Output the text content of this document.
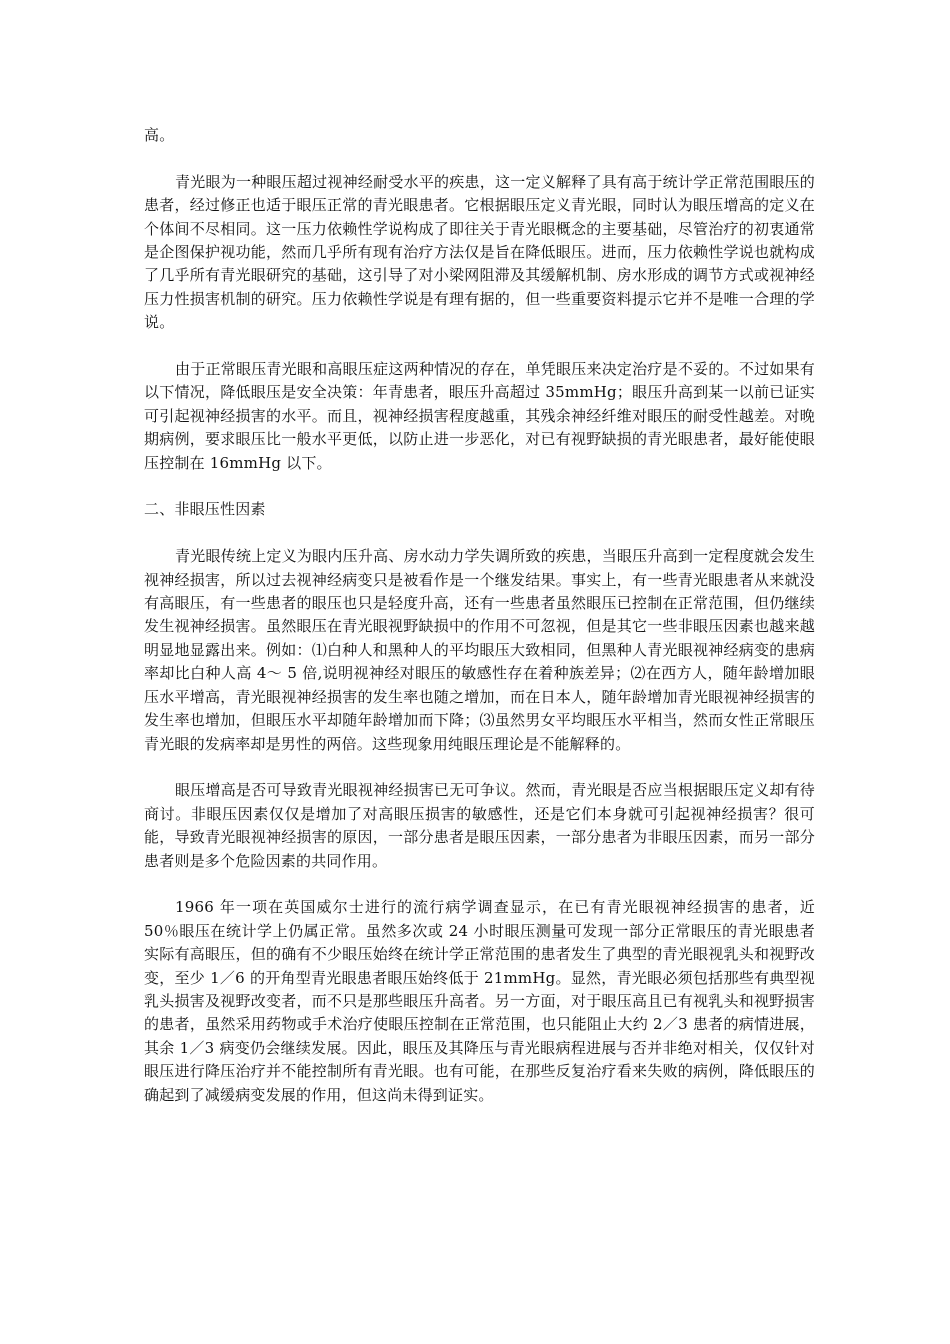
高。

青光眼为一种眼压超过视神经耐受水平的疾患，这一定义解释了具有高于统计学正常范围眼压的患者，经过修正也适于眼压正常的青光眼患者。它根据眼压定义青光眼，同时认为眼压增高的定义在个体间不尽相同。这一压力依赖性学说构成了即往关于青光眼概念的主要基础，尽管治疗的初衷通常是企图保护视功能，然而几乎所有现有治疗方法仅是旨在降低眼压。进而，压力依赖性学说也就构成了几乎所有青光眼研究的基础，这引导了对小梁网阻滞及其缓解机制、房水形成的调节方式或视神经压力性损害机制的研究。压力依赖性学说是有理有据的，但一些重要资料提示它并不是唯一合理的学说。

由于正常眼压青光眼和高眼压症这两种情况的存在，单凭眼压来决定治疗是不妥的。不过如果有以下情况，降低眼压是安全决策：年青患者，眼压升高超过 35mmHg；眼压升高到某一以前已证实可引起视神经损害的水平。而且，视神经损害程度越重，其残余神经纤维对眼压的耐受性越差。对晚期病例，要求眼压比一般水平更低，以防止进一步恶化，对已有视野缺损的青光眼患者，最好能使眼压控制在 16mmHg 以下。

二、非眼压性因素

青光眼传统上定义为眼内压升高、房水动力学失调所致的疾患，当眼压升高到一定程度就会发生视神经损害，所以过去视神经病变只是被看作是一个继发结果。事实上，有一些青光眼患者从来就没有高眼压，有一些患者的眼压也只是轻度升高，还有一些患者虽然眼压已控制在正常范围，但仍继续发生视神经损害。虽然眼压在青光眼视野缺损中的作用不可忽视，但是其它一些非眼压因素也越来越明显地显露出来。例如：⑴白种人和黑种人的平均眼压大致相同，但黑种人青光眼视神经病变的患病率却比白种人高 4～ 5 倍,说明视神经对眼压的敏感性存在着种族差异；⑵在西方人，随年龄增加眼压水平增高，青光眼视神经损害的发生率也随之增加，而在日本人，随年龄增加青光眼视神经损害的发生率也增加，但眼压水平却随年龄增加而下降；⑶虽然男女平均眼压水平相当，然而女性正常眼压青光眼的发病率却是男性的两倍。这些现象用纯眼压理论是不能解释的。

眼压增高是否可导致青光眼视神经损害已无可争议。然而，青光眼是否应当根据眼压定义却有待商讨。非眼压因素仅仅是增加了对高眼压损害的敏感性，还是它们本身就可引起视神经损害？很可能，导致青光眼视神经损害的原因，一部分患者是眼压因素，一部分患者为非眼压因素，而另一部分患者则是多个危险因素的共同作用。

1966 年一项在英国威尔士进行的流行病学调查显示，在已有青光眼视神经损害的患者，近 50％眼压在统计学上仍属正常。虽然多次或 24 小时眼压测量可发现一部分正常眼压的青光眼患者实际有高眼压，但的确有不少眼压始终在统计学正常范围的患者发生了典型的青光眼视乳头和视野改变，至少 1／6 的开角型青光眼患者眼压始终低于 21mmHg。显然，青光眼必须包括那些有典型视乳头损害及视野改变者，而不只是那些眼压升高者。另一方面，对于眼压高且已有视乳头和视野损害的患者，虽然采用药物或手术治疗使眼压控制在正常范围，也只能阻止大约 2／3 患者的病情进展，其余 1／3 病变仍会继续发展。因此，眼压及其降压与青光眼病程进展与否并非绝对相关，仅仅针对眼压进行降压治疗并不能控制所有青光眼。也有可能，在那些反复治疗看来失败的病例，降低眼压的确起到了减缓病变发展的作用，但这尚未得到证实。
